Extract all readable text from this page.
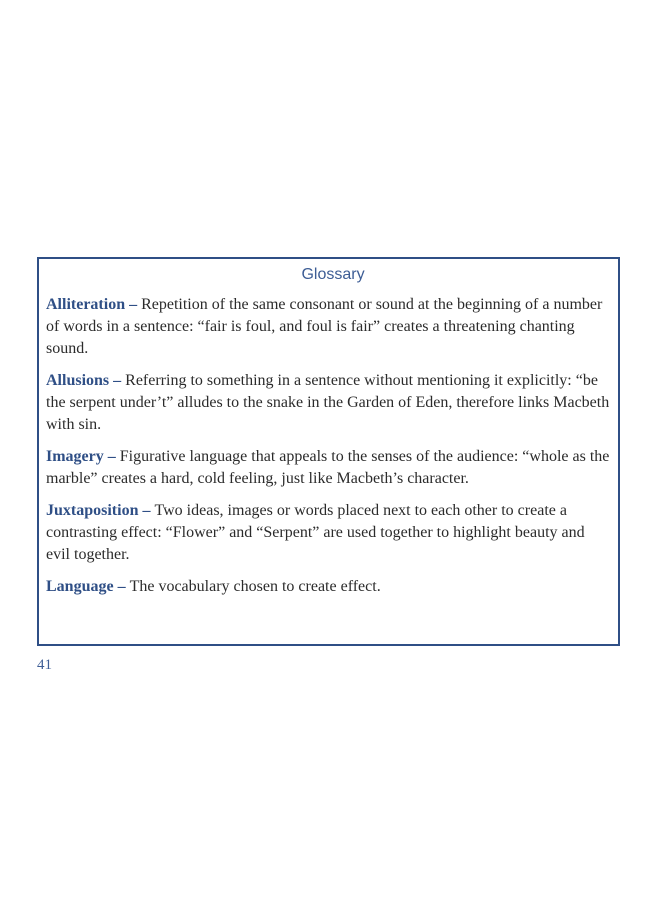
Glossary

Alliteration – Repetition of the same consonant or sound at the beginning of a number of words in a sentence: “fair is foul, and foul is fair” creates a threatening chanting sound.

Allusions – Referring to something in a sentence without mentioning it explicitly: “be the serpent under’t” alludes to the snake in the Garden of Eden, therefore links Macbeth with sin.

Imagery – Figurative language that appeals to the senses of the audience: “whole as the marble” creates a hard, cold feeling, just like Macbeth’s character.

Juxtaposition – Two ideas, images or words placed next to each other to create a contrasting effect: “Flower” and “Serpent” are used together to highlight beauty and evil together.

Language – The vocabulary chosen to create effect.

41
